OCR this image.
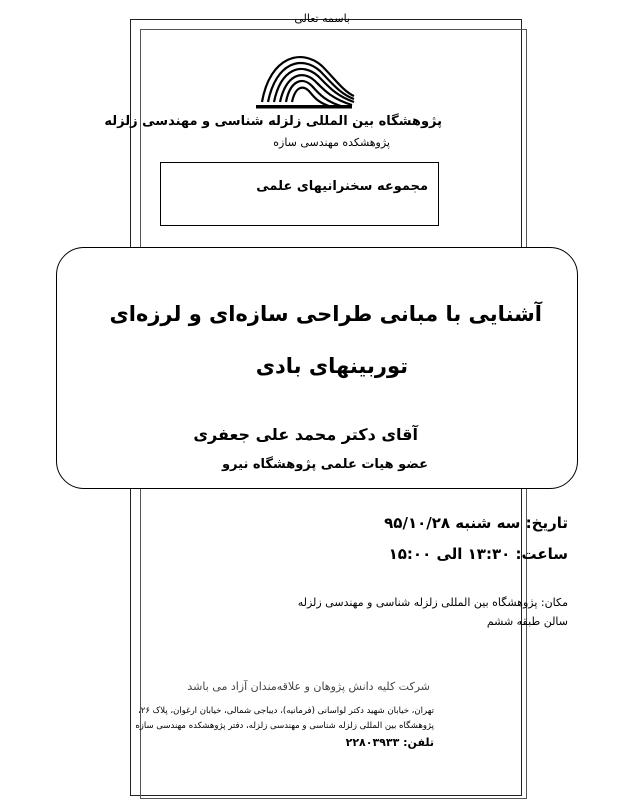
باسمه تعالی
پژوهشگاه بین المللی زلزله شناسی و مهندسی زلزله
پژوهشکده مهندسی سازه
مجموعه سخنرانیهای علمی
آشنایی با مبانی طراحی سازه‌ای و لرزه‌ای
توربینهای بادی
آقای دکتر محمد علی جعفری
عضو هیات علمی پژوهشگاه نیرو
تاریخ: سه شنبه ۹۵/۱۰/۲۸
ساعت: ۱۳:۳۰ الی ۱۵:۰۰
مکان: پژوهشگاه بین المللی زلزله شناسی و مهندسی زلزله
سالن طبقه ششم
شرکت کلیه دانش پژوهان و علاقه‌مندان آزاد می باشد
تهران، خیابان شهید دکتر لواسانی (فرمانیه)، دیباجی شمالی، خیابان ارغوان، پلاک ۲۶،
پژوهشگاه بین المللی زلزله شناسی و مهندسی زلزله، دفتر پژوهشکده مهندسی سازه
تلفن: ۲۲۸۰۳۹۳۳
